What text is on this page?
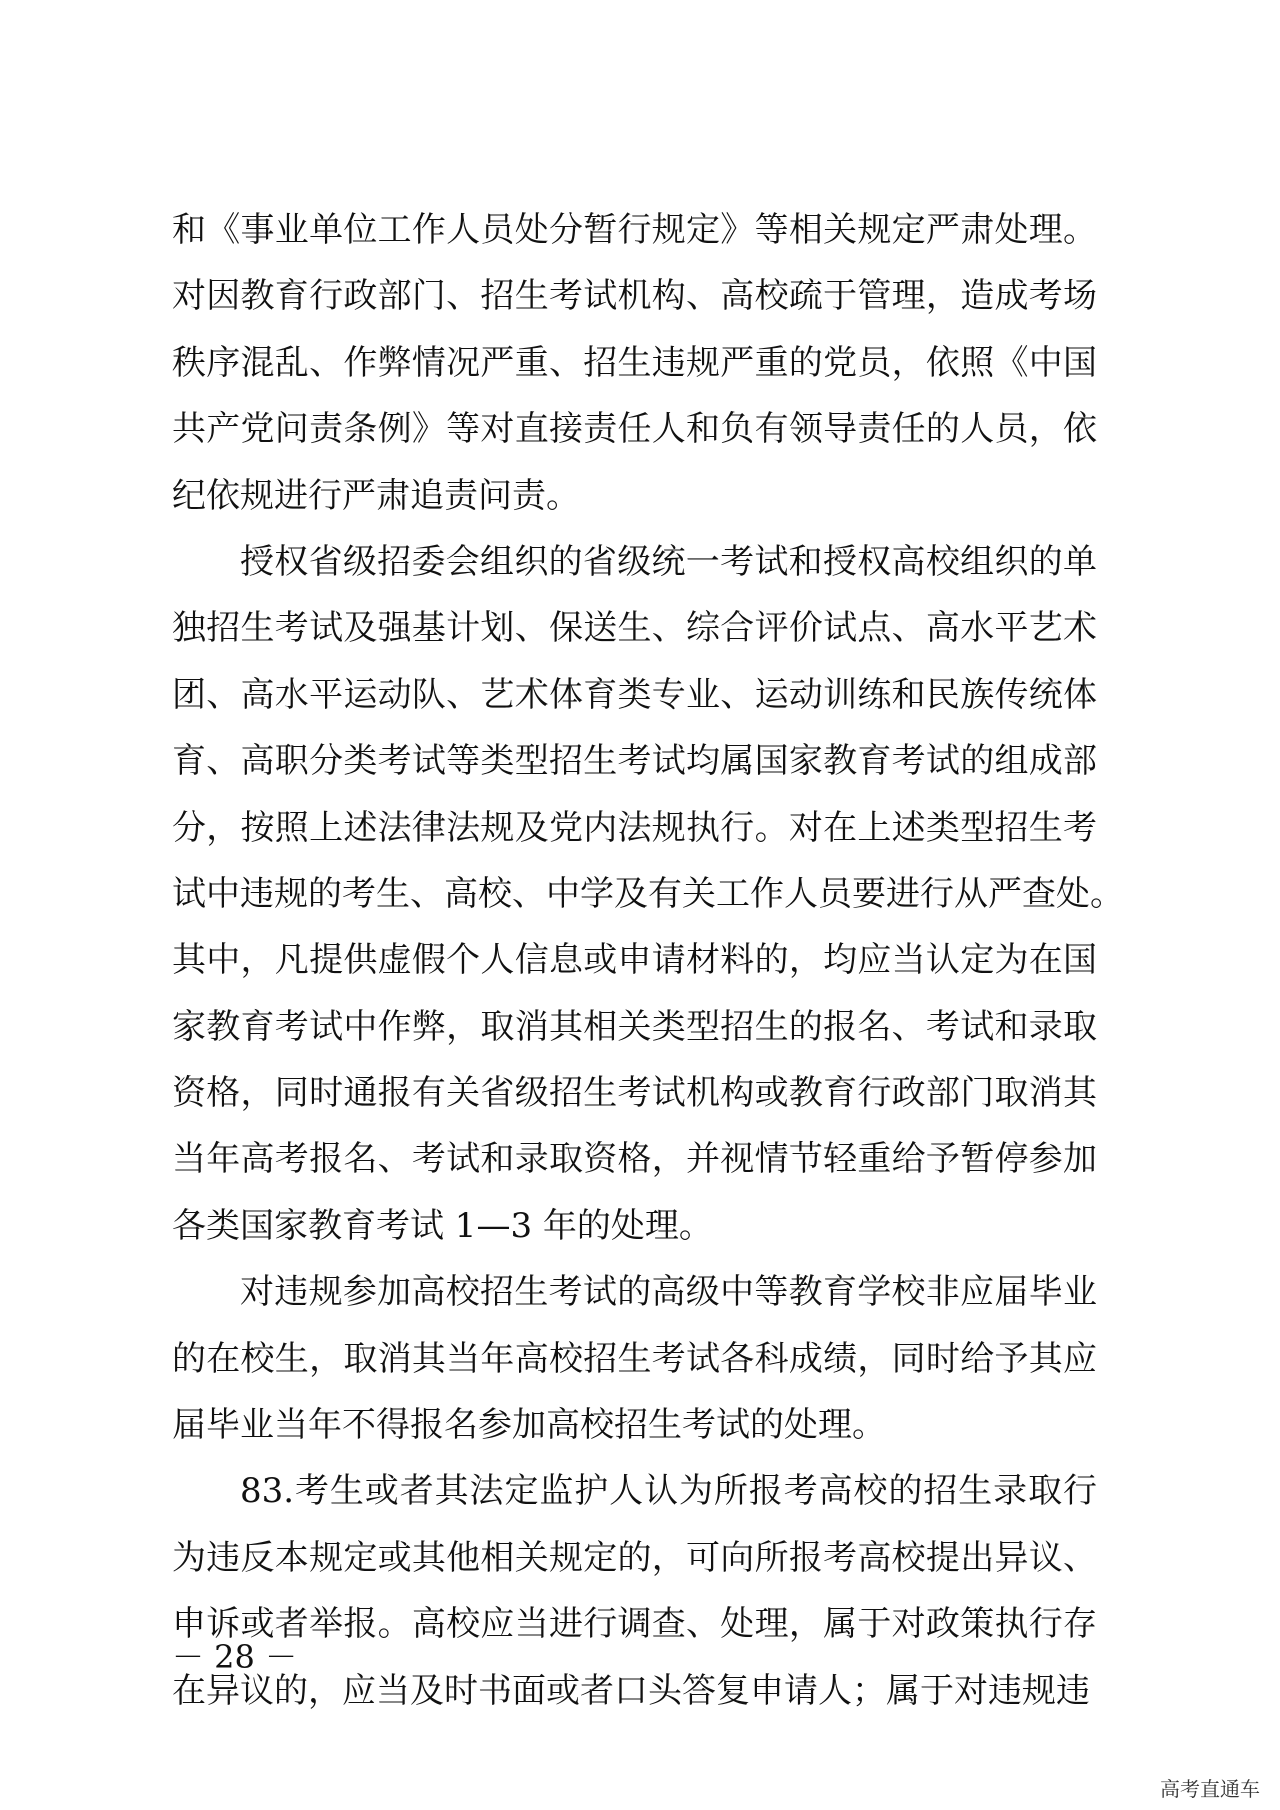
和《事业单位工作人员处分暂行规定》等相关规定严肃处理。
对因教育行政部门、招生考试机构、高校疏于管理，造成考场
秩序混乱、作弊情况严重、招生违规严重的党员，依照《中国
共产党问责条例》等对直接责任人和负有领导责任的人员，依
纪依规进行严肃追责问责。
授权省级招委会组织的省级统一考试和授权高校组织的单
独招生考试及强基计划、保送生、综合评价试点、高水平艺术
团、高水平运动队、艺术体育类专业、运动训练和民族传统体
育、高职分类考试等类型招生考试均属国家教育考试的组成部
分，按照上述法律法规及党内法规执行。对在上述类型招生考
试中违规的考生、高校、中学及有关工作人员要进行从严查处。
其中，凡提供虚假个人信息或申请材料的，均应当认定为在国
家教育考试中作弊，取消其相关类型招生的报名、考试和录取
资格，同时通报有关省级招生考试机构或教育行政部门取消其
当年高考报名、考试和录取资格，并视情节轻重给予暂停参加
各类国家教育考试 1—3 年的处理。
对违规参加高校招生考试的高级中等教育学校非应届毕业
的在校生，取消其当年高校招生考试各科成绩，同时给予其应
届毕业当年不得报名参加高校招生考试的处理。
83.考生或者其法定监护人认为所报考高校的招生录取行
为违反本规定或其他相关规定的，可向所报考高校提出异议、
申诉或者举报。高校应当进行调查、处理，属于对政策执行存
在异议的，应当及时书面或者口头答复申请人；属于对违规违
－ 28 －
高考直通车
